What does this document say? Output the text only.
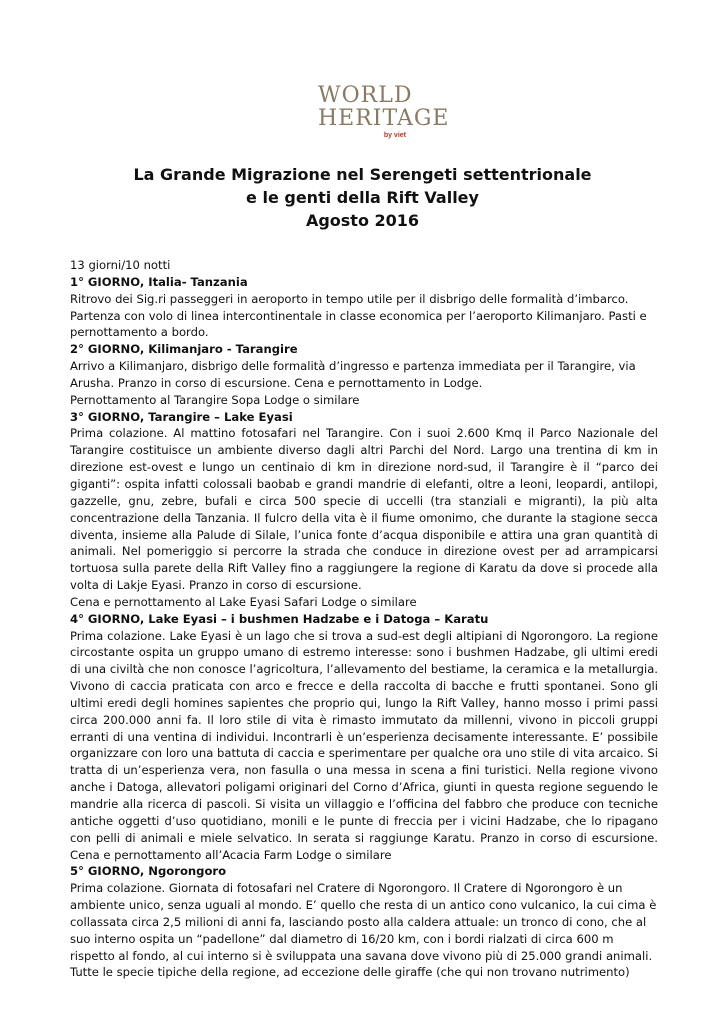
WORLD
HERITAGE
by viet
La Grande Migrazione nel Serengeti settentrionale
e le genti della Rift Valley
Agosto 2016

13 giorni/10 notti

1° GIORNO, Italia- Tanzania

Ritrovo dei Sig.ri passeggeri in aeroporto in tempo utile per il disbrigo delle formalità d’imbarco. Partenza con volo di linea intercontinentale in classe economica per l’aeroporto Kilimanjaro. Pasti e pernottamento a bordo.

2° GIORNO, Kilimanjaro - Tarangire

Arrivo a Kilimanjaro, disbrigo delle formalità d’ingresso e partenza immediata per il Tarangire, via Arusha. Pranzo in corso di escursione. Cena e pernottamento in Lodge.

Pernottamento al Tarangire Sopa Lodge o similare

3° GIORNO, Tarangire – Lake Eyasi

Prima colazione. Al mattino fotosafari nel Tarangire. Con i suoi 2.600 Kmq il Parco Nazionale del Tarangire costituisce un ambiente diverso dagli altri Parchi del Nord. Largo una trentina di km in direzione est-ovest e lungo un centinaio di km in direzione nord-sud, il Tarangire è il “parco dei giganti”: ospita infatti colossali baobab e grandi mandrie di elefanti, oltre a leoni, leopardi, antilopi, gazzelle, gnu, zebre, bufali e circa 500 specie di uccelli (tra stanziali e migranti), la più alta concentrazione della Tanzania. Il fulcro della vita è il fiume omonimo, che durante la stagione secca diventa, insieme alla Palude di Silale, l’unica fonte d’acqua disponibile e attira una gran quantità di animali. Nel pomeriggio si percorre la strada che conduce in direzione ovest per ad arrampicarsi tortuosa sulla parete della Rift Valley fino a raggiungere la regione di Karatu da dove si procede alla volta di Lakje Eyasi. Pranzo in corso di escursione.

Cena e pernottamento al Lake Eyasi Safari Lodge o similare

4° GIORNO, Lake Eyasi – i bushmen Hadzabe e i Datoga – Karatu

Prima colazione. Lake Eyasi è un lago che si trova a sud-est degli altipiani di Ngorongoro. La regione circostante ospita un gruppo umano di estremo interesse: sono i bushmen Hadzabe, gli ultimi eredi di una civiltà che non conosce l’agricoltura, l’allevamento del bestiame, la ceramica e la metallurgia. Vivono di caccia praticata con arco e frecce e della raccolta di bacche e frutti spontanei. Sono gli ultimi eredi degli homines sapientes che proprio qui, lungo la Rift Valley, hanno mosso i primi passi circa 200.000 anni fa. Il loro stile di vita è rimasto immutato da millenni, vivono in piccoli gruppi erranti di una ventina di individui. Incontrarli è un’esperienza decisamente interessante. E’ possibile organizzare con loro una battuta di caccia e sperimentare per qualche ora uno stile di vita arcaico. Si tratta di un’esperienza vera, non fasulla o una messa in scena a fini turistici. Nella regione vivono anche i Datoga, allevatori poligami originari del Corno d’Africa, giunti in questa regione seguendo le mandrie alla ricerca di pascoli. Si visita un villaggio e l’officina del fabbro che produce con tecniche antiche oggetti d’uso quotidiano, monili e le punte di freccia per i vicini Hadzabe, che lo ripagano con pelli di animali e miele selvatico. In serata si raggiunge Karatu. Pranzo in corso di escursione. Cena e pernottamento all’Acacia Farm Lodge o similare

5° GIORNO, Ngorongoro

Prima colazione. Giornata di fotosafari nel Cratere di Ngorongoro. Il Cratere di Ngorongoro è un ambiente unico, senza uguali al mondo. E’ quello che resta di un antico cono vulcanico, la cui cima è collassata circa 2,5 milioni di anni fa, lasciando posto alla caldera attuale: un tronco di cono, che al suo interno ospita un “padellone” dal diametro di 16/20 km, con i bordi rialzati di circa 600 m rispetto al fondo, al cui interno si è sviluppata una savana dove vivono più di 25.000 grandi animali. Tutte le specie tipiche della regione, ad eccezione delle giraffe (che qui non trovano nutrimento)
